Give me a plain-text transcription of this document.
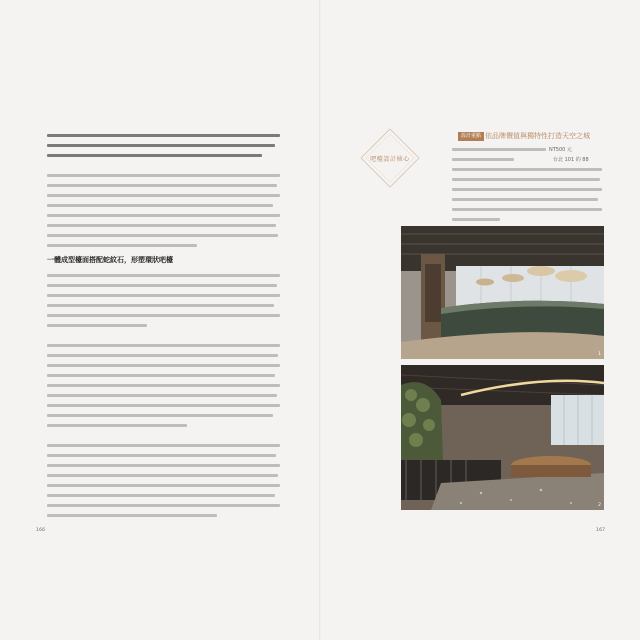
一體成型檯面搭配蛇紋石，形塑環狀吧檯
166
吧檯設計核心
設計重點 依品牌價值與獨特性打造天空之城
NT500 元
台北 101 的 88
1
2
167
